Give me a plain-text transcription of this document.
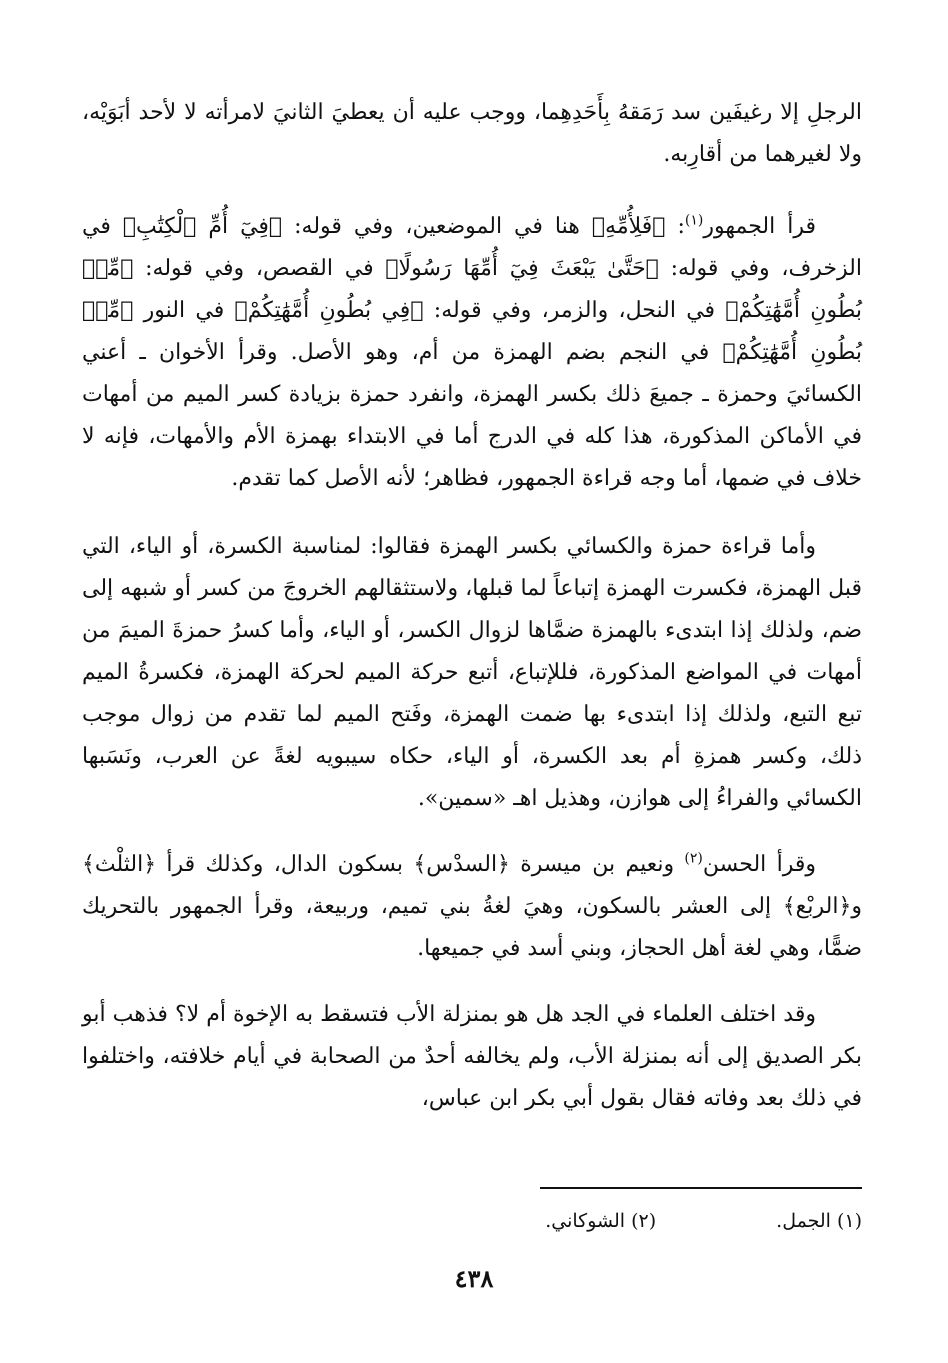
الرجلِ إلا رغيفَين سد رَمَقهُ بِأَحَدِهِما، ووجب عليه أن يعطيَ الثانيَ لامرأته لا لأحد أبَوَيْه، ولا لغيرهما من أقارِبه.

قرأ الجمهور$^{(١)}$: ﴿فَلِأُمِّهِ﴾ هنا في الموضعين، وفي قوله: ﴿فِيٓ أُمِّ ٱلْكِتَٰبِ﴾ في الزخرف، وفي قوله: ﴿حَتَّىٰ يَبْعَثَ فِيٓ أُمِّهَا رَسُولًا﴾ في القصص، وفي قوله: ﴿مِّنۢ بُطُونِ أُمَّهَٰتِكُمْ﴾ في النحل، والزمر، وفي قوله: ﴿فِي بُطُونِ أُمَّهَٰتِكُمْ﴾ في النور ﴿مِّنۢ بُطُونِ أُمَّهَٰتِكُمْ﴾ في النجم بضم الهمزة من أم، وهو الأصل. وقرأ الأخوان ـ أعني الكسائيَ وحمزة ـ جميعَ ذلك بكسر الهمزة، وانفرد حمزة بزيادة كسر الميم من أمهات في الأماكن المذكورة، هذا كله في الدرج أما في الابتداء بهمزة الأم والأمهات، فإنه لا خلاف في ضمها، أما وجه قراءة الجمهور، فظاهر؛ لأنه الأصل كما تقدم.

وأما قراءة حمزة والكسائي بكسر الهمزة فقالوا: لمناسبة الكسرة، أو الياء، التي قبل الهمزة، فكسرت الهمزة إتباعاً لما قبلها، ولاستثقالهم الخروجَ من كسر أو شبهه إلى ضم، ولذلك إذا ابتدىء بالهمزة ضمَّاها لزوال الكسر، أو الياء، وأما كسرُ حمزةَ الميمَ من أمهات في المواضع المذكورة، فللإتباع، أتبع حركة الميم لحركة الهمزة، فكسرةُ الميم تبع التبع، ولذلك إذا ابتدىء بها ضمت الهمزة، وفَتح الميم لما تقدم من زوال موجب ذلك، وكسر همزةِ أم بعد الكسرة، أو الياء، حكاه سيبويه لغةً عن العرب، ونَسَبها الكسائي والفراءُ إلى هوازن، وهذيل اهـ «سمين».

وقرأ الحسن$^{(٢)}$ ونعيم بن ميسرة ﴿السدْس﴾ بسكون الدال، وكذلك قرأ ﴿الثلْث﴾ و﴿الربْع﴾ إلى العشر بالسكون، وهيَ لغةُ بني تميم، وربيعة، وقرأ الجمهور بالتحريك ضمًّا، وهي لغة أهل الحجاز، وبني أسد في جميعها.

وقد اختلف العلماء في الجد هل هو بمنزلة الأب فتسقط به الإخوة أم لا؟ فذهب أبو بكر الصديق إلى أنه بمنزلة الأب، ولم يخالفه أحدٌ من الصحابة في أيام خلافته، واختلفوا في ذلك بعد وفاته فقال بقول أبي بكر ابن عباس،

(١) الجمل.
(٢) الشوكاني.
٤٣٨
